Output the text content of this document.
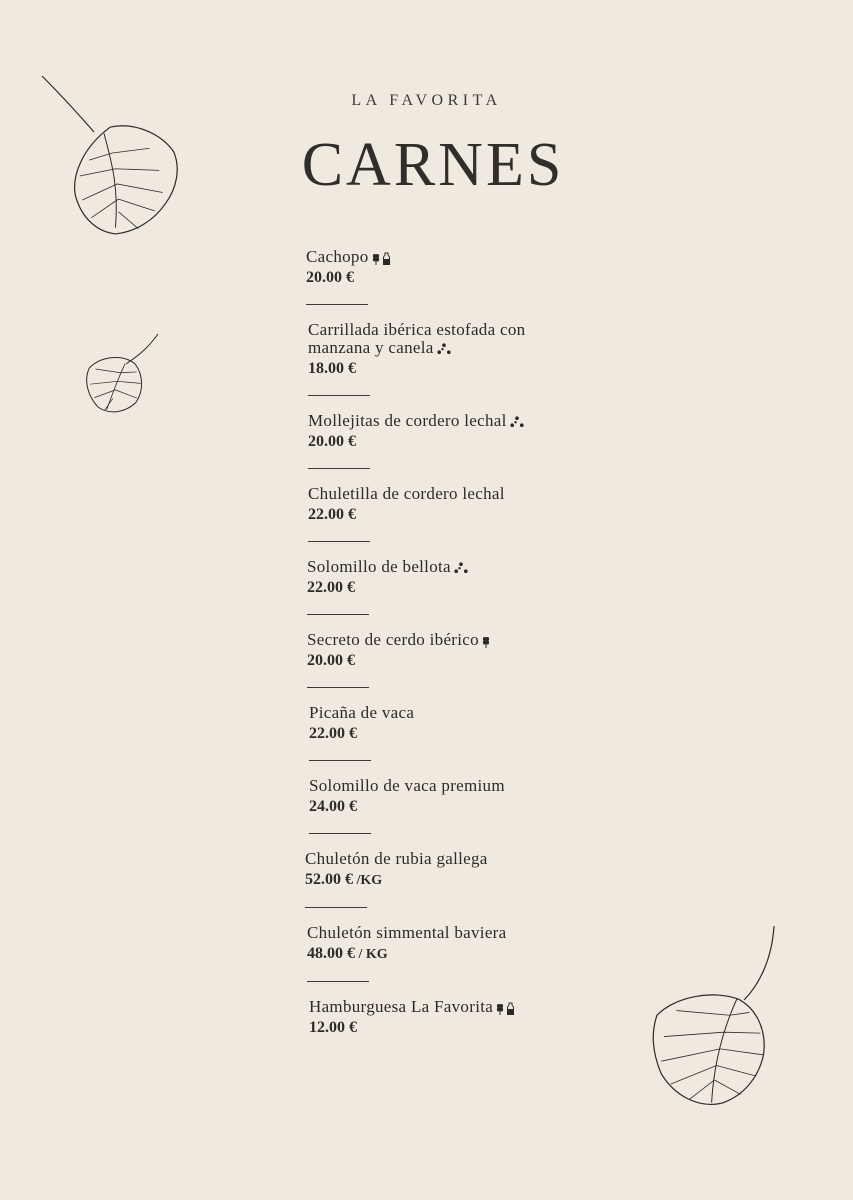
LA FAVORITA
CARNES
Cachopo
20.00 €
Carrillada ibérica estofada con
manzana y canela
18.00 €
Mollejitas de cordero lechal
20.00 €
Chuletilla de cordero lechal
22.00 €
Solomillo de bellota
22.00 €
Secreto de cerdo ibérico
20.00 €
Picaña de vaca
22.00 €
Solomillo de vaca premium
24.00 €
Chuletón de rubia gallega
52.00 € /KG
Chuletón simmental baviera
48.00 € / KG
Hamburguesa La Favorita
12.00 €
